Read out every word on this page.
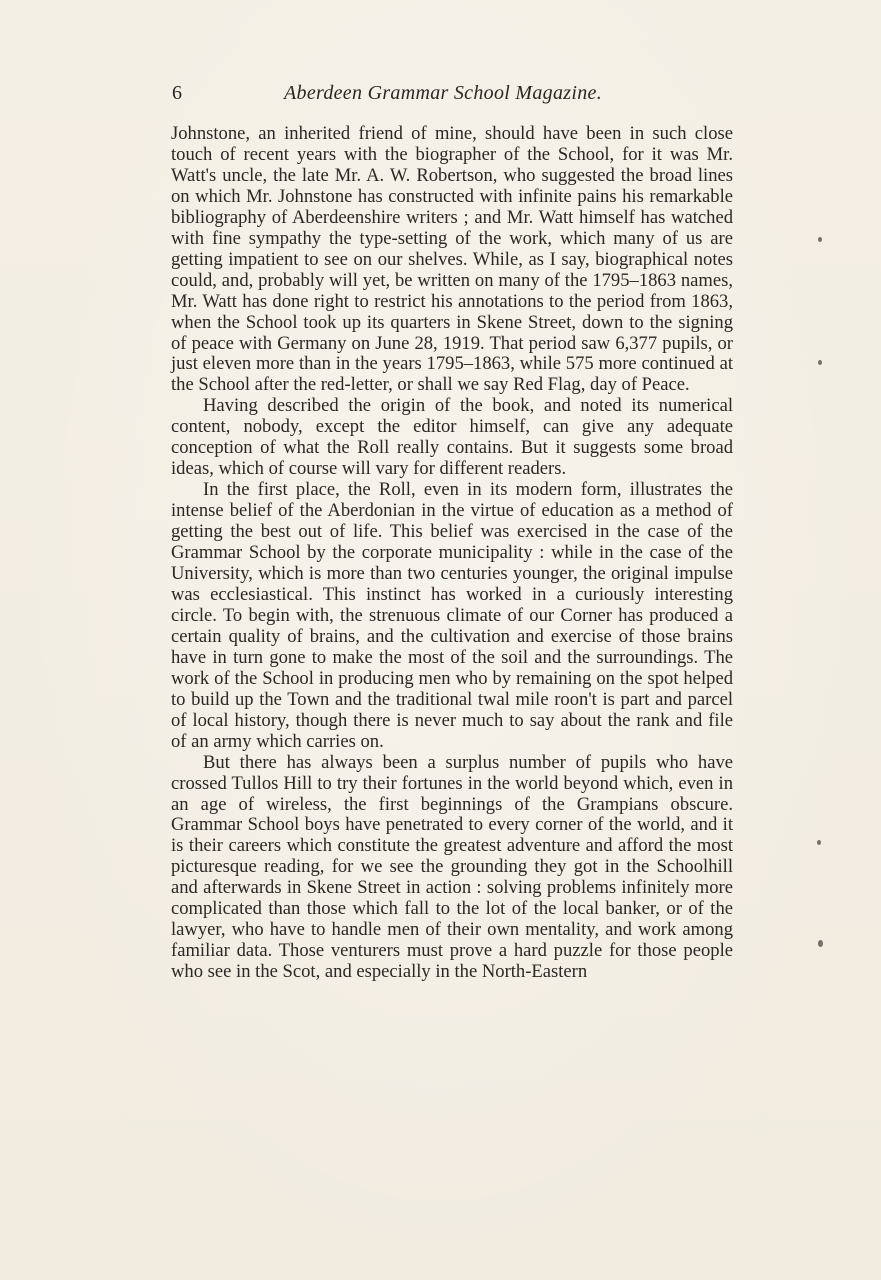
6	Aberdeen Grammar School Magazine.

Johnstone, an inherited friend of mine, should have been in such close touch of recent years with the biographer of the School, for it was Mr. Watt's uncle, the late Mr. A. W. Robertson, who suggested the broad lines on which Mr. Johnstone has constructed with infinite pains his remarkable bibliography of Aberdeenshire writers ; and Mr. Watt himself has watched with fine sympathy the type-setting of the work, which many of us are getting impatient to see on our shelves. While, as I say, biographical notes could, and, probably will yet, be written on many of the 1795–1863 names, Mr. Watt has done right to restrict his annotations to the period from 1863, when the School took up its quarters in Skene Street, down to the signing of peace with Germany on June 28, 1919. That period saw 6,377 pupils, or just eleven more than in the years 1795–1863, while 575 more continued at the School after the red-letter, or shall we say Red Flag, day of Peace.

Having described the origin of the book, and noted its numerical content, nobody, except the editor himself, can give any adequate conception of what the Roll really contains. But it suggests some broad ideas, which of course will vary for different readers.

In the first place, the Roll, even in its modern form, illustrates the intense belief of the Aberdonian in the virtue of education as a method of getting the best out of life. This belief was exercised in the case of the Grammar School by the corporate municipality : while in the case of the University, which is more than two centuries younger, the original impulse was ecclesiastical. This instinct has worked in a curiously interesting circle. To begin with, the strenuous climate of our Corner has produced a certain quality of brains, and the cultivation and exercise of those brains have in turn gone to make the most of the soil and the surroundings. The work of the School in producing men who by remaining on the spot helped to build up the Town and the traditional twal mile roon't is part and parcel of local history, though there is never much to say about the rank and file of an army which carries on.

But there has always been a surplus number of pupils who have crossed Tullos Hill to try their fortunes in the world beyond which, even in an age of wireless, the first beginnings of the Grampians obscure. Grammar School boys have penetrated to every corner of the world, and it is their careers which constitute the greatest adventure and afford the most picturesque reading, for we see the grounding they got in the Schoolhill and afterwards in Skene Street in action : solving problems infinitely more complicated than those which fall to the lot of the local banker, or of the lawyer, who have to handle men of their own mentality, and work among familiar data. Those venturers must prove a hard puzzle for those people who see in the Scot, and especially in the North-Eastern
